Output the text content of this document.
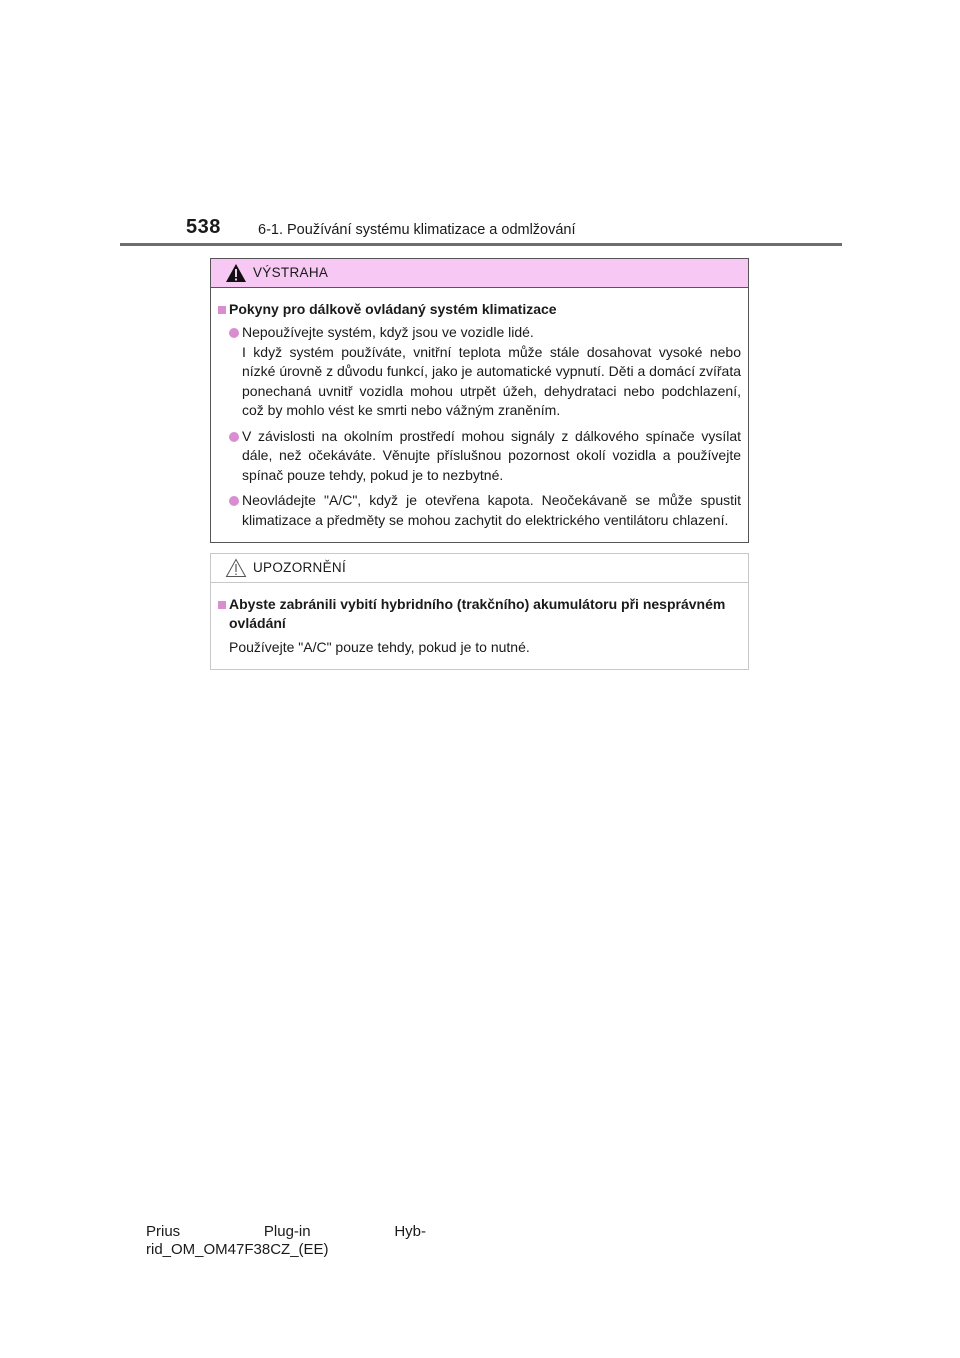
538	6-1. Používání systému klimatizace a odmlžování
VÝSTRAHA
Pokyny pro dálkově ovládaný systém klimatizace
Nepoužívejte systém, když jsou ve vozidle lidé.
I když systém používáte, vnitřní teplota může stále dosahovat vysoké nebo nízké úrovně z důvodu funkcí, jako je automatické vypnutí. Děti a domácí zvířata ponechaná uvnitř vozidla mohou utrpět úžeh, dehydrataci nebo podchlazení, což by mohlo vést ke smrti nebo vážným zraněním.
V závislosti na okolním prostředí mohou signály z dálkového spínače vysílat dále, než očekáváte. Věnujte příslušnou pozornost okolí vozidla a používejte spínač pouze tehdy, pokud je to nezbytné.
Neovládejte "A/C", když je otevřena kapota. Neočekávaně se může spustit klimatizace a předměty se mohou zachytit do elektrického ventilátoru chlazení.
UPOZORNĚNÍ
Abyste zabránili vybití hybridního (trakčního) akumulátoru při nesprávném ovládání
Používejte "A/C" pouze tehdy, pokud je to nutné.
Prius	Plug-in	Hyb-
rid_OM_OM47F38CZ_(EE)
